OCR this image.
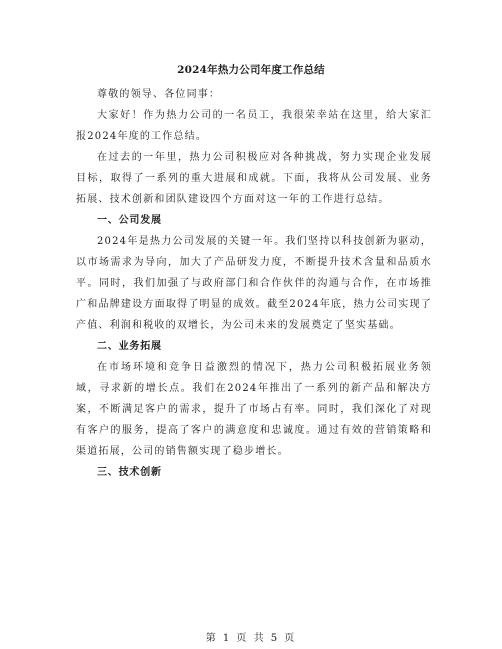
2024年热力公司年度工作总结

尊敬的领导、各位同事：

大家好！作为热力公司的一名员工，我很荣幸站在这里，给大家汇报2024年度的工作总结。

在过去的一年里，热力公司积极应对各种挑战，努力实现企业发展目标，取得了一系列的重大进展和成就。下面，我将从公司发展、业务拓展、技术创新和团队建设四个方面对这一年的工作进行总结。

一、公司发展

2024年是热力公司发展的关键一年。我们坚持以科技创新为驱动，以市场需求为导向，加大了产品研发力度，不断提升技术含量和品质水平。同时，我们加强了与政府部门和合作伙伴的沟通与合作，在市场推广和品牌建设方面取得了明显的成效。截至2024年底，热力公司实现了产值、利润和税收的双增长，为公司未来的发展奠定了坚实基础。

二、业务拓展

在市场环境和竞争日益激烈的情况下，热力公司积极拓展业务领域，寻求新的增长点。我们在2024年推出了一系列的新产品和解决方案，不断满足客户的需求，提升了市场占有率。同时，我们深化了对现有客户的服务，提高了客户的满意度和忠诚度。通过有效的营销策略和渠道拓展，公司的销售额实现了稳步增长。

三、技术创新

第 1 页 共 5 页
